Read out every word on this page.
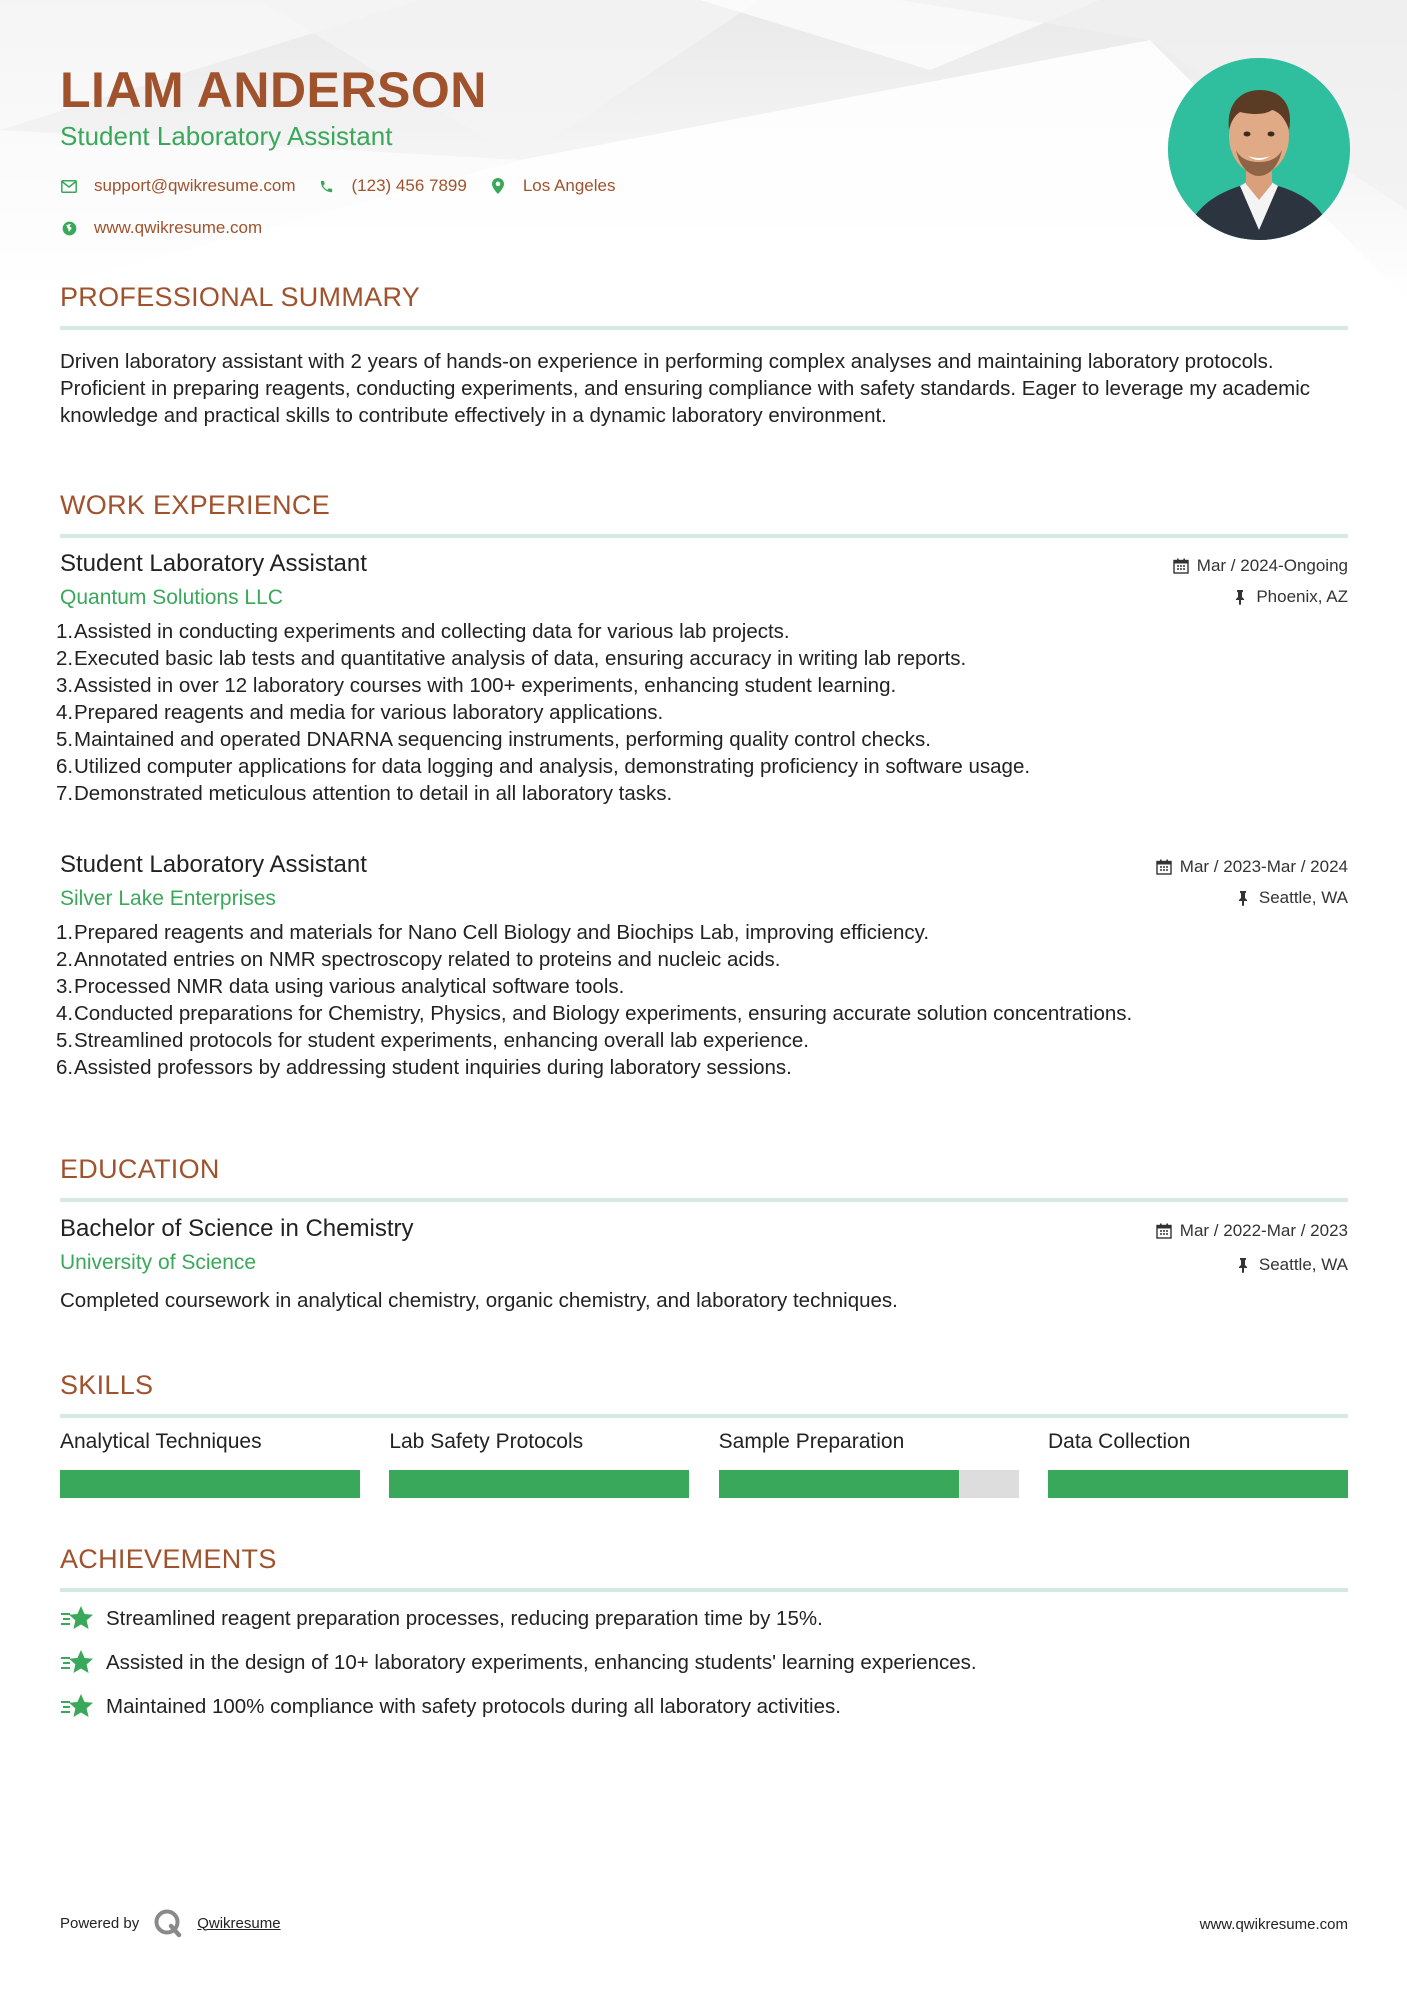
LIAM ANDERSON
Student Laboratory Assistant
support@qwikresume.com	(123) 456 7899	Los Angeles
www.qwikresume.com
PROFESSIONAL SUMMARY
Driven laboratory assistant with 2 years of hands-on experience in performing complex analyses and maintaining laboratory protocols. Proficient in preparing reagents, conducting experiments, and ensuring compliance with safety standards. Eager to leverage my academic knowledge and practical skills to contribute effectively in a dynamic laboratory environment.
WORK EXPERIENCE
Student Laboratory Assistant
Quantum Solutions LLC
Mar / 2024-Ongoing
Phoenix, AZ
1. Assisted in conducting experiments and collecting data for various lab projects.
2. Executed basic lab tests and quantitative analysis of data, ensuring accuracy in writing lab reports.
3. Assisted in over 12 laboratory courses with 100+ experiments, enhancing student learning.
4. Prepared reagents and media for various laboratory applications.
5. Maintained and operated DNARNA sequencing instruments, performing quality control checks.
6. Utilized computer applications for data logging and analysis, demonstrating proficiency in software usage.
7. Demonstrated meticulous attention to detail in all laboratory tasks.
Student Laboratory Assistant
Silver Lake Enterprises
Mar / 2023-Mar / 2024
Seattle, WA
1. Prepared reagents and materials for Nano Cell Biology and Biochips Lab, improving efficiency.
2. Annotated entries on NMR spectroscopy related to proteins and nucleic acids.
3. Processed NMR data using various analytical software tools.
4. Conducted preparations for Chemistry, Physics, and Biology experiments, ensuring accurate solution concentrations.
5. Streamlined protocols for student experiments, enhancing overall lab experience.
6. Assisted professors by addressing student inquiries during laboratory sessions.
EDUCATION
Bachelor of Science in Chemistry
University of Science
Mar / 2022-Mar / 2023
Seattle, WA
Completed coursework in analytical chemistry, organic chemistry, and laboratory techniques.
SKILLS
Analytical Techniques	Lab Safety Protocols	Sample Preparation	Data Collection
ACHIEVEMENTS
Streamlined reagent preparation processes, reducing preparation time by 15%.
Assisted in the design of 10+ laboratory experiments, enhancing students' learning experiences.
Maintained 100% compliance with safety protocols during all laboratory activities.
Powered by	Qwikresume	www.qwikresume.com
